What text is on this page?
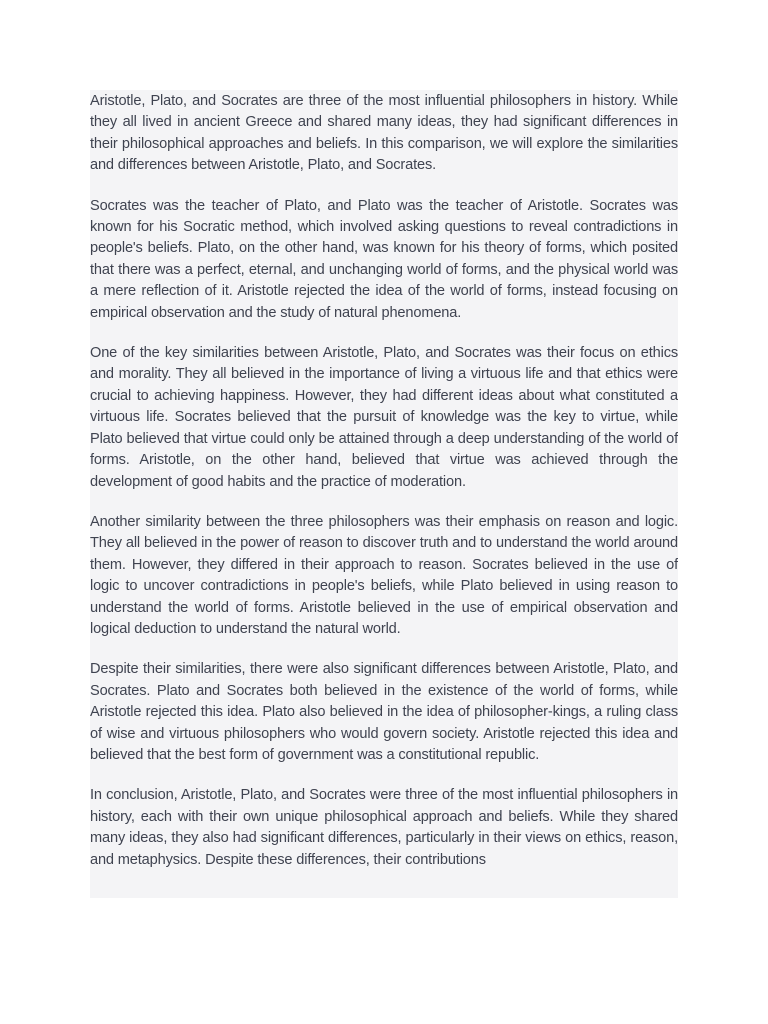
Aristotle, Plato, and Socrates are three of the most influential philosophers in history. While they all lived in ancient Greece and shared many ideas, they had significant differences in their philosophical approaches and beliefs. In this comparison, we will explore the similarities and differences between Aristotle, Plato, and Socrates.

Socrates was the teacher of Plato, and Plato was the teacher of Aristotle. Socrates was known for his Socratic method, which involved asking questions to reveal contradictions in people's beliefs. Plato, on the other hand, was known for his theory of forms, which posited that there was a perfect, eternal, and unchanging world of forms, and the physical world was a mere reflection of it. Aristotle rejected the idea of the world of forms, instead focusing on empirical observation and the study of natural phenomena.

One of the key similarities between Aristotle, Plato, and Socrates was their focus on ethics and morality. They all believed in the importance of living a virtuous life and that ethics were crucial to achieving happiness. However, they had different ideas about what constituted a virtuous life. Socrates believed that the pursuit of knowledge was the key to virtue, while Plato believed that virtue could only be attained through a deep understanding of the world of forms. Aristotle, on the other hand, believed that virtue was achieved through the development of good habits and the practice of moderation.

Another similarity between the three philosophers was their emphasis on reason and logic. They all believed in the power of reason to discover truth and to understand the world around them. However, they differed in their approach to reason. Socrates believed in the use of logic to uncover contradictions in people's beliefs, while Plato believed in using reason to understand the world of forms. Aristotle believed in the use of empirical observation and logical deduction to understand the natural world.

Despite their similarities, there were also significant differences between Aristotle, Plato, and Socrates. Plato and Socrates both believed in the existence of the world of forms, while Aristotle rejected this idea. Plato also believed in the idea of philosopher-kings, a ruling class of wise and virtuous philosophers who would govern society. Aristotle rejected this idea and believed that the best form of government was a constitutional republic.

In conclusion, Aristotle, Plato, and Socrates were three of the most influential philosophers in history, each with their own unique philosophical approach and beliefs. While they shared many ideas, they also had significant differences, particularly in their views on ethics, reason, and metaphysics. Despite these differences, their contributions
